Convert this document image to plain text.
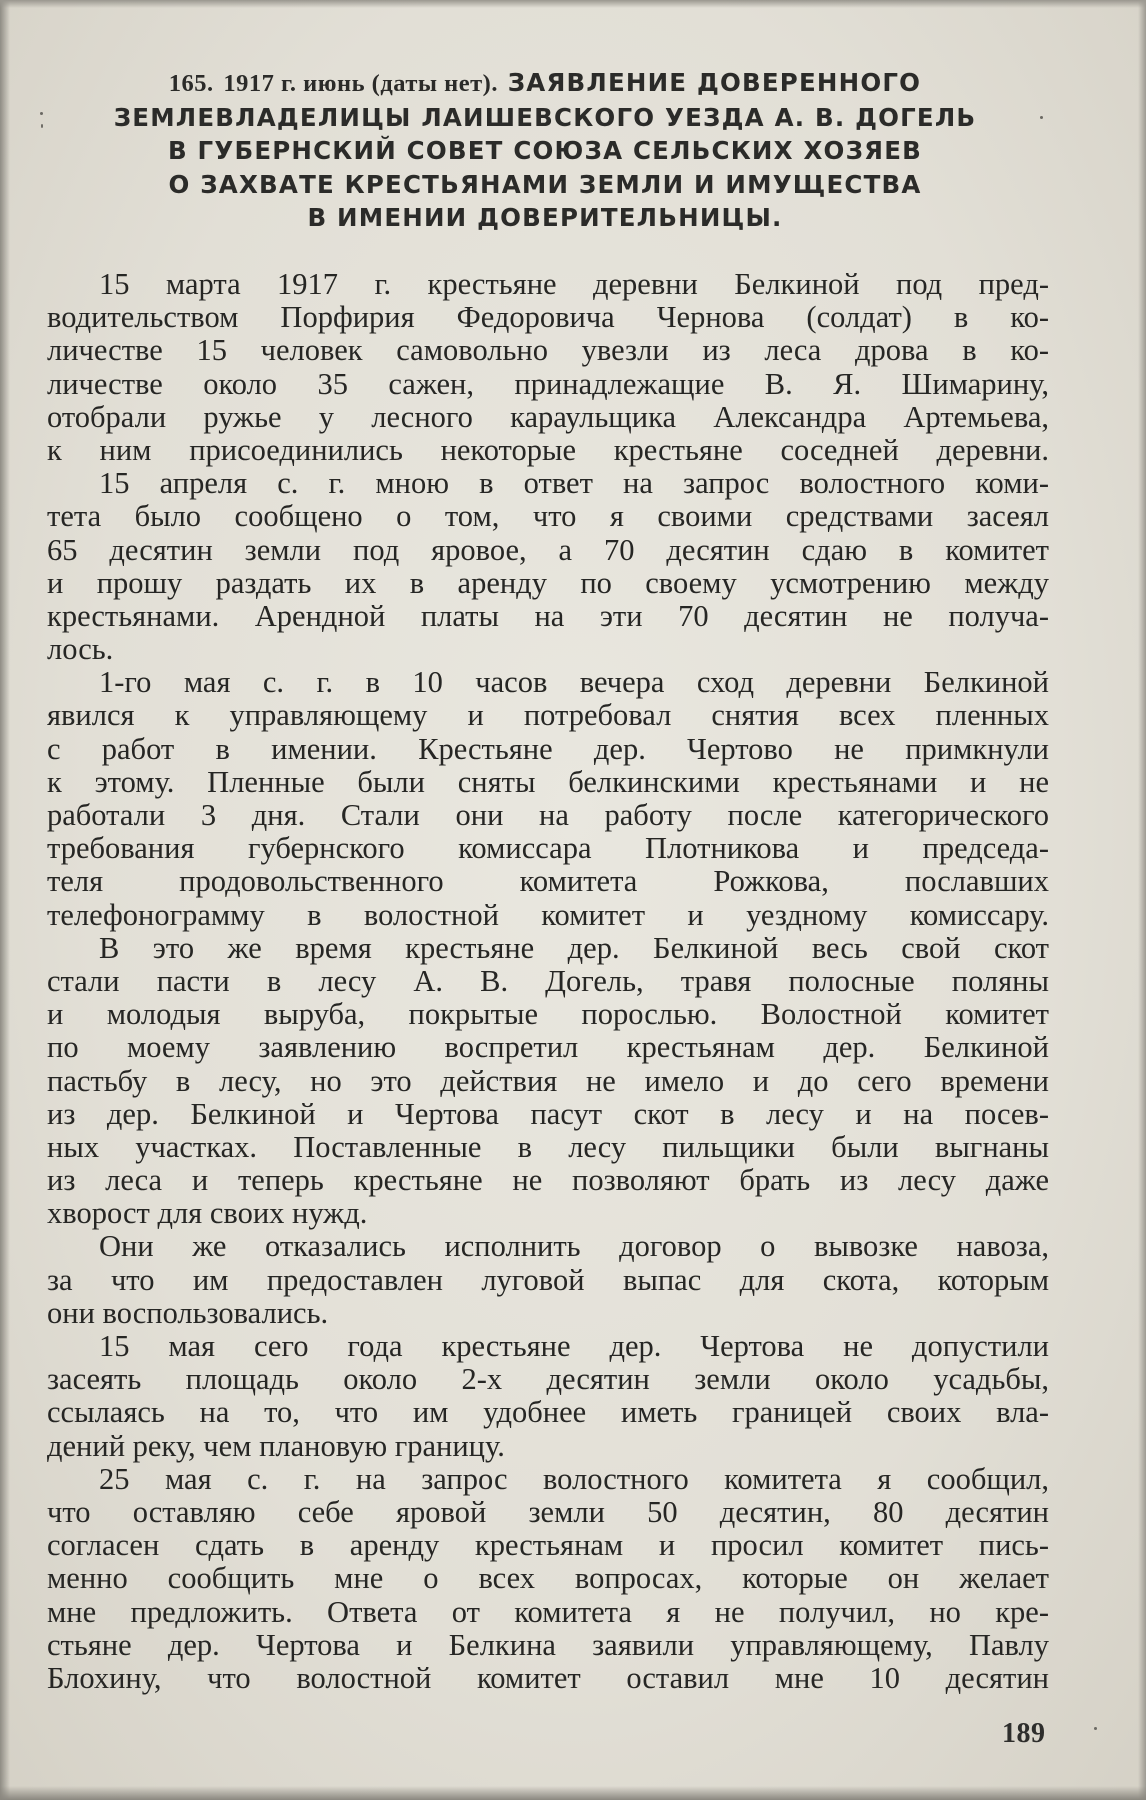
165. 1917 г. июнь (даты нет). ЗАЯВЛЕНИЕ ДОВЕРЕННОГО
ЗЕМЛЕВЛАДЕЛИЦЫ ЛАИШЕВСКОГО УЕЗДА А. В. ДОГЕЛЬ
В ГУБЕРНСКИЙ СОВЕТ СОЮЗА СЕЛЬСКИХ ХОЗЯЕВ
О ЗАХВАТЕ КРЕСТЬЯНАМИ ЗЕМЛИ И ИМУЩЕСТВА
В ИМЕНИИ ДОВЕРИТЕЛЬНИЦЫ.
15 марта 1917 г. крестьяне деревни Белкиной под пред-
водительством Порфирия Федоровича Чернова (солдат) в ко-
личестве 15 человек самовольно увезли из леса дрова в ко-
личестве около 35 сажен, принадлежащие В. Я. Шимарину,
отобрали ружье у лесного караульщика Александра Артемьева,
к ним присоединились некоторые крестьяне соседней деревни.
15 апреля с. г. мною в ответ на запрос волостного коми-
тета было сообщено о том, что я своими средствами засеял
65 десятин земли под яровое, а 70 десятин сдаю в комитет
и прошу раздать их в аренду по своему усмотрению между
крестьянами. Арендной платы на эти 70 десятин не получа-
лось.
1-го мая с. г. в 10 часов вечера сход деревни Белкиной
явился к управляющему и потребовал снятия всех пленных
с работ в имении. Крестьяне дер. Чертово не примкнули
к этому. Пленные были сняты белкинскими крестьянами и не
работали 3 дня. Стали они на работу после категорического
требования губернского комиссара Плотникова и председа-
теля продовольственного комитета Рожкова, пославших
телефонограмму в волостной комитет и уездному комиссару.
В это же время крестьяне дер. Белкиной весь свой скот
стали пасти в лесу А. В. Догель, травя полосные поляны
и молодыя выруба, покрытые порослью. Волостной комитет
по моему заявлению воспретил крестьянам дер. Белкиной
пастьбу в лесу, но это действия не имело и до сего времени
из дер. Белкиной и Чертова пасут скот в лесу и на посев-
ных участках. Поставленные в лесу пильщики были выгнаны
из леса и теперь крестьяне не позволяют брать из лесу даже
хворост для своих нужд.
Они же отказались исполнить договор о вывозке навоза,
за что им предоставлен луговой выпас для скота, которым
они воспользовались.
15 мая сего года крестьяне дер. Чертова не допустили
засеять площадь около 2-х десятин земли около усадьбы,
ссылаясь на то, что им удобнее иметь границей своих вла-
дений реку, чем плановую границу.
25 мая с. г. на запрос волостного комитета я сообщил,
что оставляю себе яровой земли 50 десятин, 80 десятин
согласен сдать в аренду крестьянам и просил комитет пись-
менно сообщить мне о всех вопросах, которые он желает
мне предложить. Ответа от комитета я не получил, но кре-
стьяне дер. Чертова и Белкина заявили управляющему, Павлу
Блохину, что волостной комитет оставил мне 10 десятин
189
